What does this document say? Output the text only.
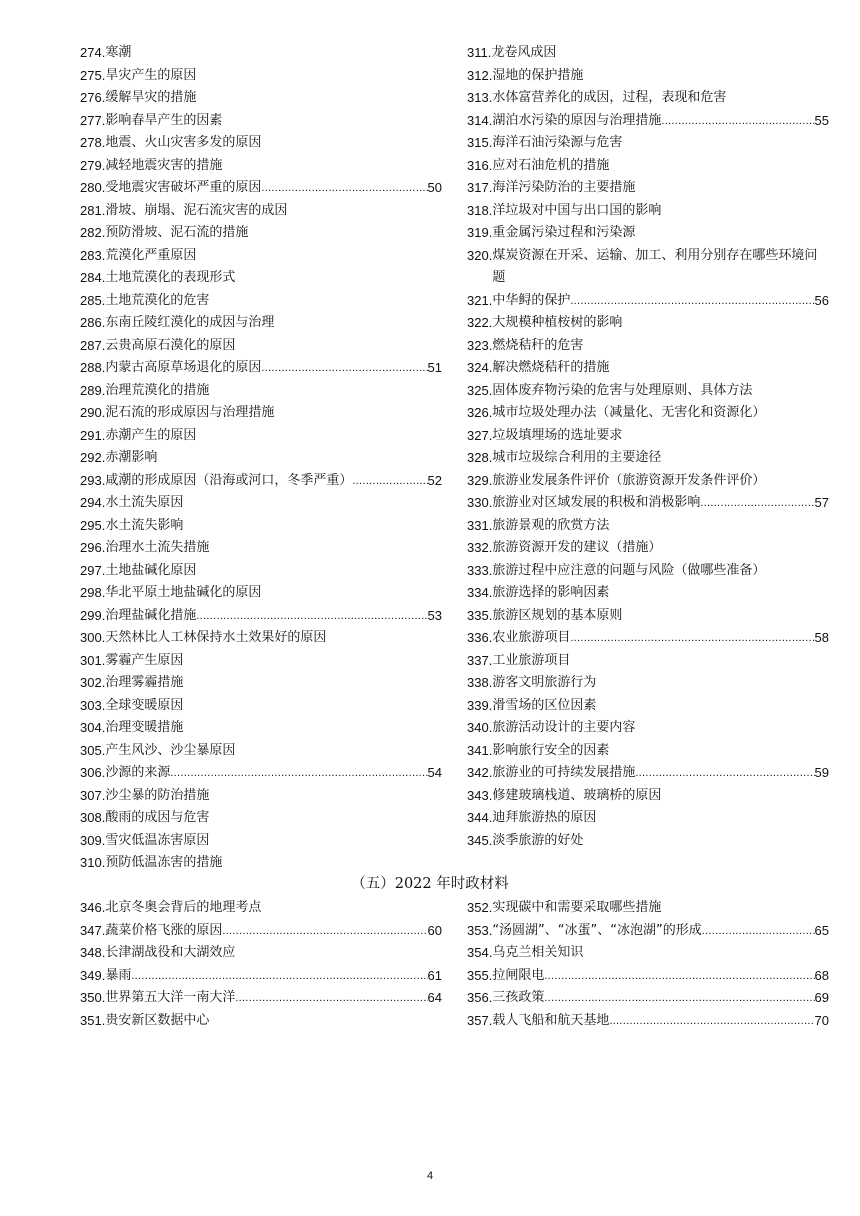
274. 寒潮
275. 旱灾产生的原因
276. 缓解旱灾的措施
277. 影响春旱产生的因素
278. 地震、火山灾害多发的原因
279. 减轻地震灾害的措施
280. 受地震灾害破坏严重的原因 .....	50
281. 滑坡、崩塌、泥石流灾害的成因
282. 预防滑坡、泥石流的措施
283. 荒漠化严重原因
284. 土地荒漠化的表现形式
285. 土地荒漠化的危害
286. 东南丘陵红漠化的成因与治理
287. 云贵高原石漠化的原因
288. 内蒙古高原草场退化的原因 .....	51
289. 治理荒漠化的措施
290. 泥石流的形成原因与治理措施
291. 赤潮产生的原因
292. 赤潮影响
293. 咸潮的形成原因（沿海或河口，冬季严重） .....	52
294. 水土流失原因
295. 水土流失影响
296. 治理水土流失措施
297. 土地盐碱化原因
298. 华北平原土地盐碱化的原因
299. 治理盐碱化措施 .....	53
300. 天然林比人工林保持水土效果好的原因
301. 雾霾产生原因
302. 治理雾霾措施
303. 全球变暖原因
304. 治理变暖措施
305. 产生风沙、沙尘暴原因
306. 沙源的来源 .....	54
307. 沙尘暴的防治措施
308. 酸雨的成因与危害
309. 雪灾低温冻害原因
310. 预防低温冻害的措施
311. 龙卷风成因
312. 湿地的保护措施
313. 水体富营养化的成因，过程，表现和危害
314. 湖泊水污染的原因与治理措施 .....	55
315. 海洋石油污染源与危害
316. 应对石油危机的措施
317. 海洋污染防治的主要措施
318. 洋垃圾对中国与出口国的影响
319. 重金属污染过程和污染源
320. 煤炭资源在开采、运输、加工、利用分别存在哪些环境问题
321. 中华鲟的保护 .....	56
322. 大规模种植桉树的影响
323. 燃烧秸秆的危害
324. 解决燃烧秸秆的措施
325. 固体废弃物污染的危害与处理原则、具体方法
326. 城市垃圾处理办法（减量化、无害化和资源化）
327. 垃圾填埋场的选址要求
328. 城市垃圾综合利用的主要途径
329. 旅游业发展条件评价（旅游资源开发条件评价）
330. 旅游业对区域发展的积极和消极影响 .....	57
331. 旅游景观的欣赏方法
332. 旅游资源开发的建议（措施）
333. 旅游过程中应注意的问题与风险（做哪些准备）
334. 旅游选择的影响因素
335. 旅游区规划的基本原则
336. 农业旅游项目 .....	58
337. 工业旅游项目
338. 游客文明旅游行为
339. 滑雪场的区位因素
340. 旅游活动设计的主要内容
341. 影响旅行安全的因素
342. 旅游业的可持续发展措施 .....	59
343. 修建玻璃栈道、玻璃桥的原因
344. 迪拜旅游热的原因
345. 淡季旅游的好处
（五）2022 年时政材料
346. 北京冬奥会背后的地理考点
347. 蔬菜价格飞涨的原因 .....	60
348. 长津湖战役和大湖效应
349. 暴雨 .....	61
350. 世界第五大洋一南大洋 .....	64
351. 贵安新区数据中心
352. 实现碳中和需要采取哪些措施
353. “汤圆湖”、“冰蛋”、“冰泡湖”的形成 .....	65
354. 乌克兰相关知识
355. 拉闸限电 .....	68
356. 三孩政策 .....	69
357. 载人飞船和航天基地 .....	70
4
